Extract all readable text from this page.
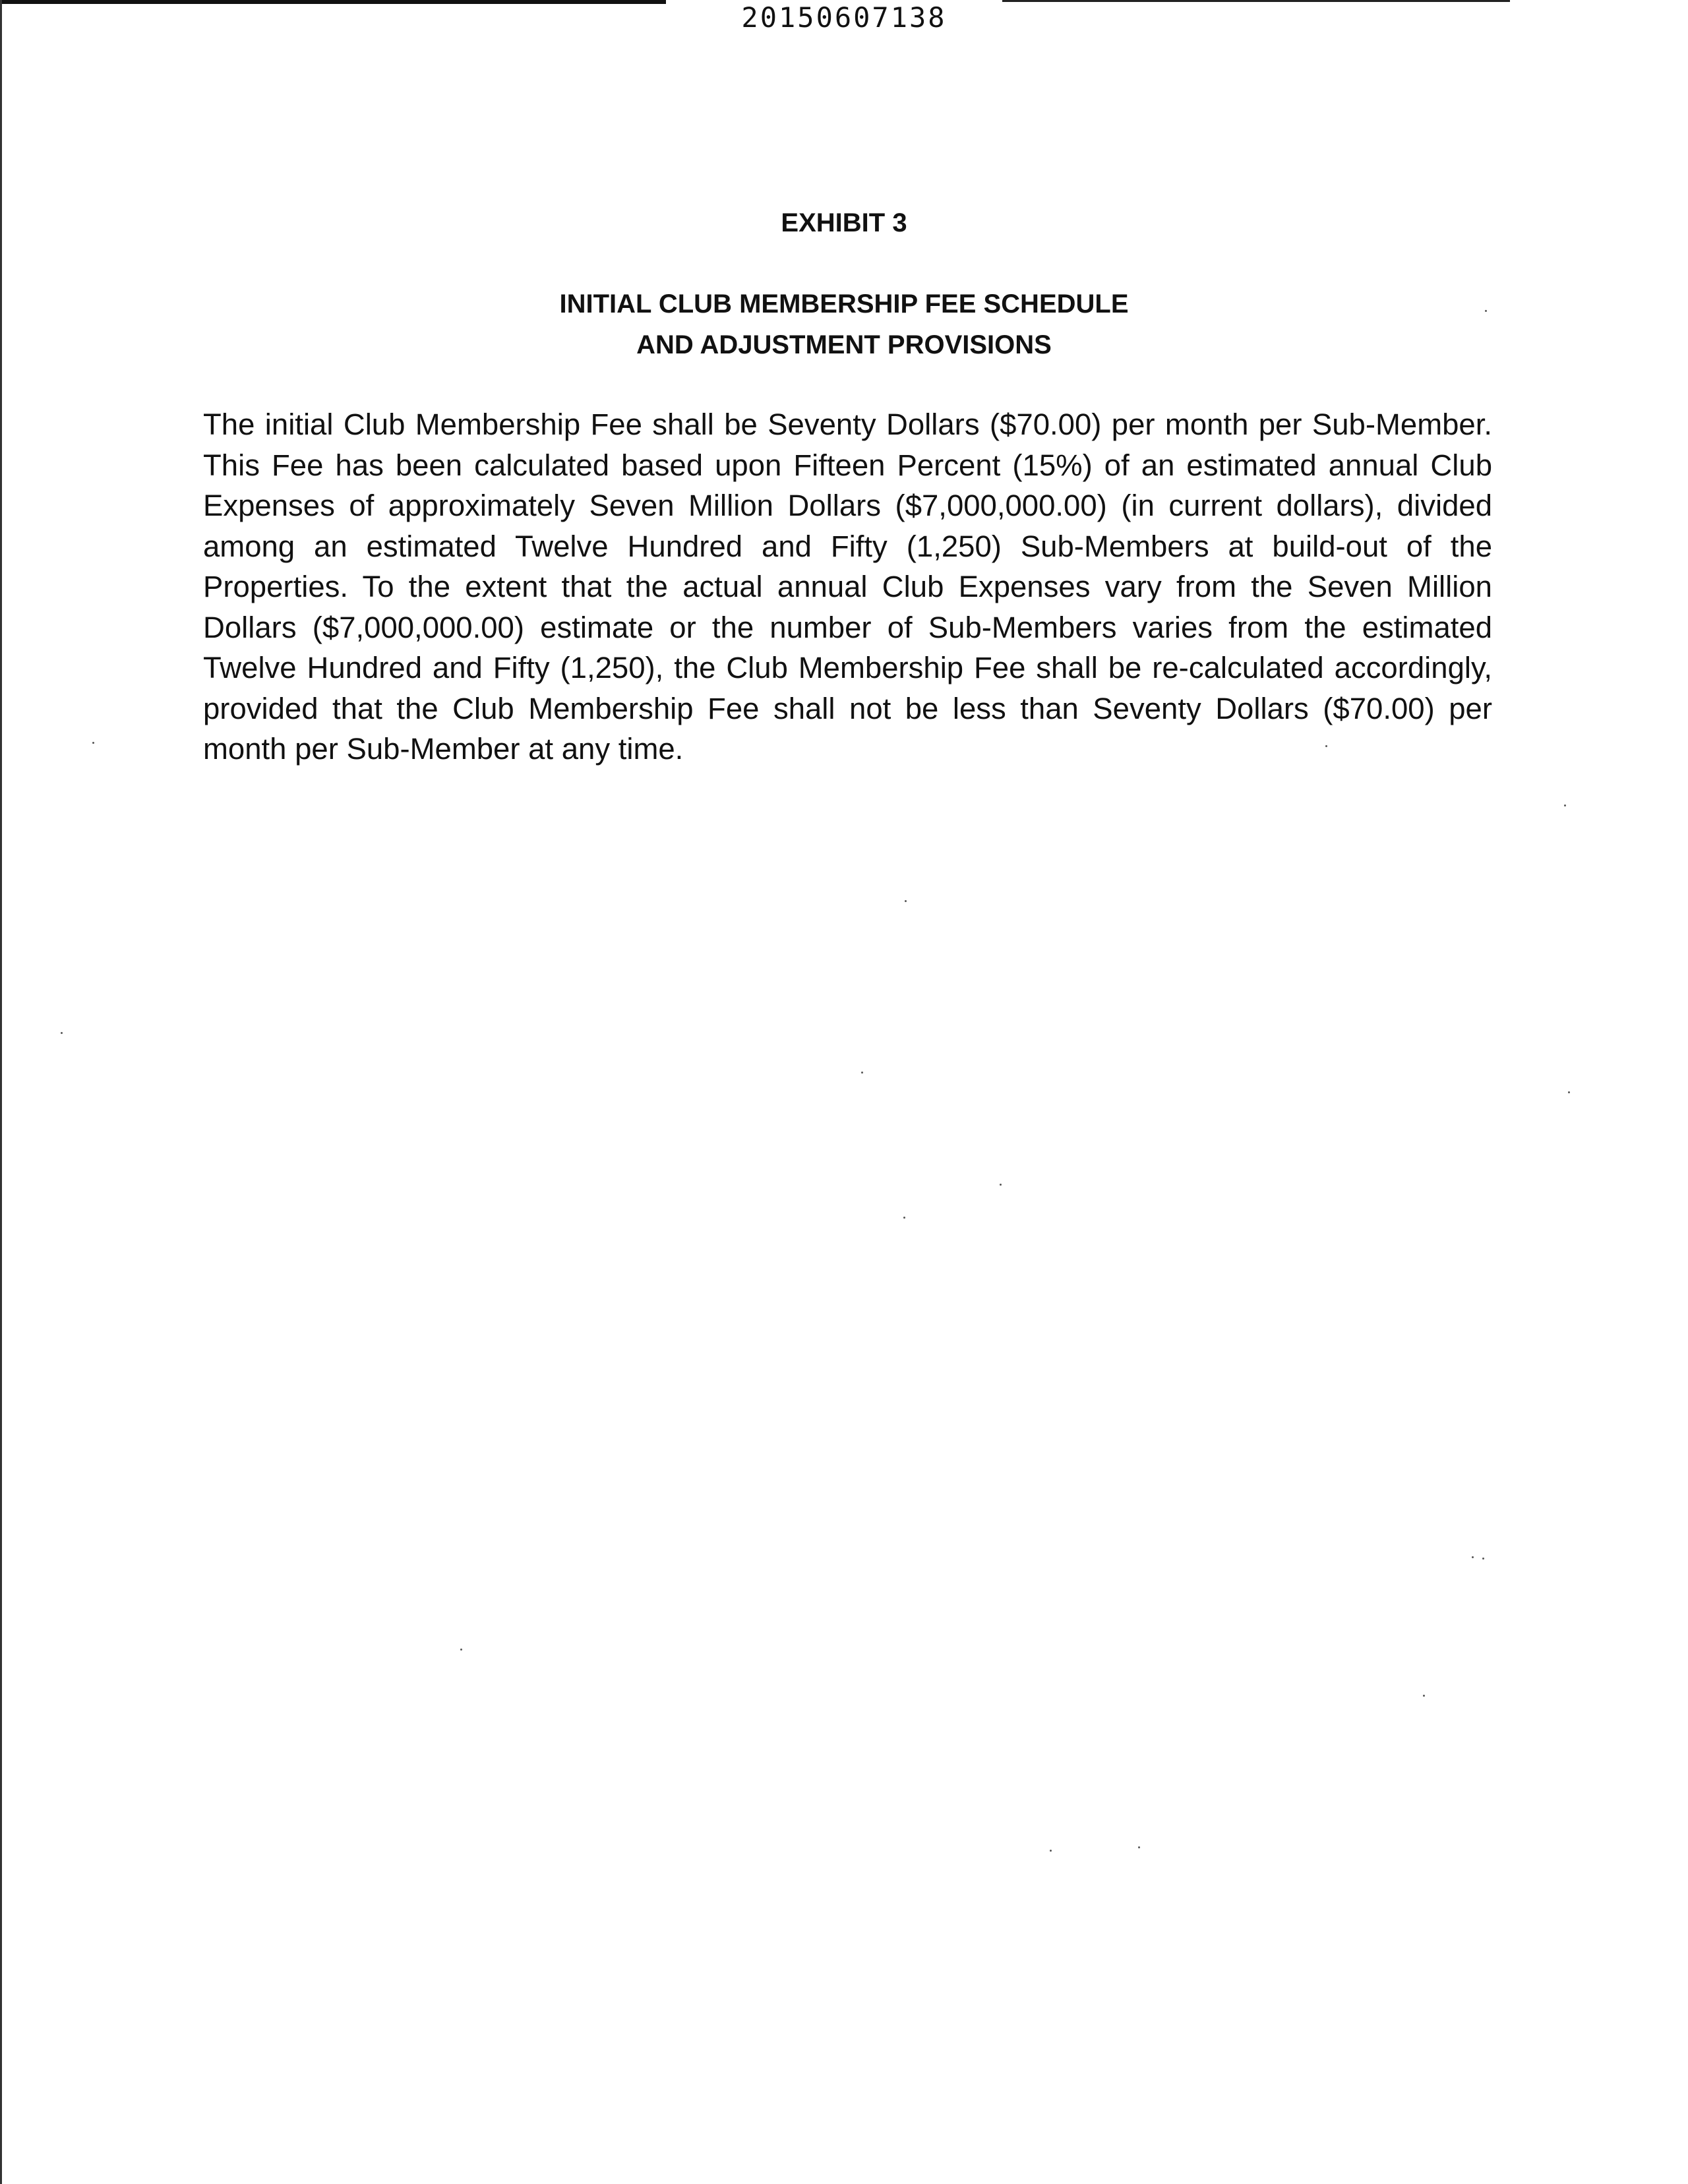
20150607138
EXHIBIT 3
INITIAL CLUB MEMBERSHIP FEE SCHEDULE
AND ADJUSTMENT PROVISIONS
The initial Club Membership Fee shall be Seventy Dollars ($70.00) per month per Sub-Member. This Fee has been calculated based upon Fifteen Percent (15%) of an estimated annual Club Expenses of approximately Seven Million Dollars ($7,000,000.00) (in current dollars), divided among an estimated Twelve Hundred and Fifty (1,250) Sub-Members at build-out of the Properties. To the extent that the actual annual Club Expenses vary from the Seven Million Dollars ($7,000,000.00) estimate or the number of Sub-Members varies from the estimated Twelve Hundred and Fifty (1,250), the Club Membership Fee shall be re-calculated accordingly, provided that the Club Membership Fee shall not be less than Seventy Dollars ($70.00) per month per Sub-Member at any time.
